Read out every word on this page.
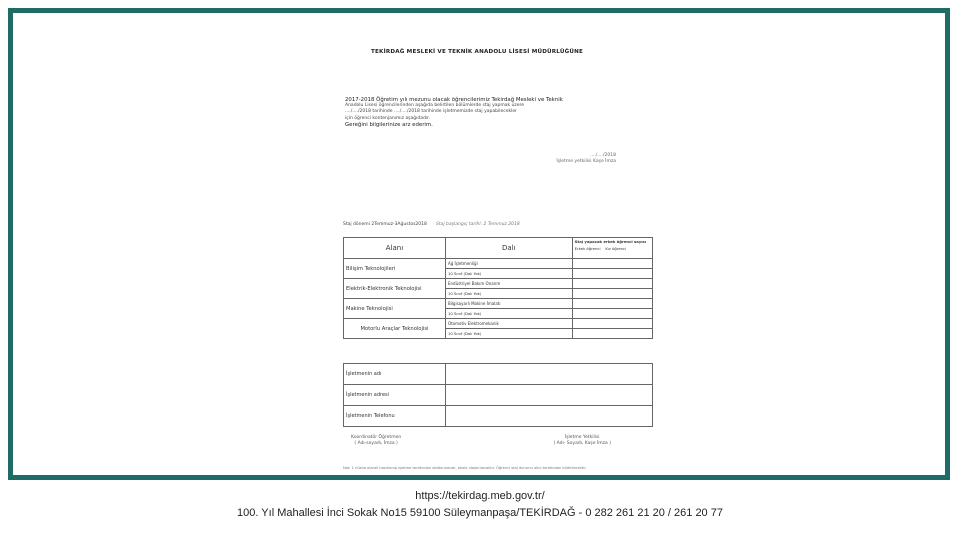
TEKİRDAĞ MESLEKİ VE TEKNİK ANADOLU LİSESİ MÜDÜRLÜĞÜNE

2017-2018 Öğretim yılı mezunu olacak öğrencilerimiz Tekirdağ Mesleki ve Teknik

Anadolu Lisesi öğrencilerinden aşağıda belirtilen bölümlerde staj yapmak üzere

..../..../2018 tarihinde ..../..../2018 tarihinde işletmemizde staj yapabilecekler

için öğrenci kontenjanımız aşağıdadır.

Gereğini bilgilerinize arz ederim.

..../..../2018
İşletme yetkilisi Kaşe İmza
Staj dönemi 2Temmuz-3Ağustos2018 Staj başlangıç tarihi: 2 Temmuz 2018
Alanı	Dalı	Staj yapacak erkek öğrenci sayısı
Erkek öğrenci Kız öğrenci
Bilişim Teknolojileri	Ağ İşletmenliği	
	10 Sınıf (Dalı Yok)	
Elektrik-Elektronik Teknolojisi	Endüstriyel Bakım Onarım	
	10 Sınıf (Dalı Yok)	
Makine Teknolojisi	Bilgisayarlı Makine İmalatı	
	10 Sınıf (Dalı Yok)	
Motorlu Araçlar Teknolojisi	Otomotiv Elektromekanik	
	10 Sınıf (Dalı Yok)	
İşletmenin adı	
İşletmenin adresi	
İşletmenin Telefonu	
Koordinatör Öğretmen
( Adı-soyadı, İmza )
İşletme Yetkilisi
( Adı- Soyadı, Kaşe İmza )
Not: 1 nüsha olarak hazırlanıp işletme tarafından doldurulacak, okula ulaştırılacaktır. Öğrenci staj durumu okul tarafından bildirilecektir.
https://tekirdag.meb.gov.tr/
100. Yıl Mahallesi İnci Sokak No15 59100 Süleymanpaşa/TEKİRDAĞ - 0 282 261 21 20 / 261 20 77
